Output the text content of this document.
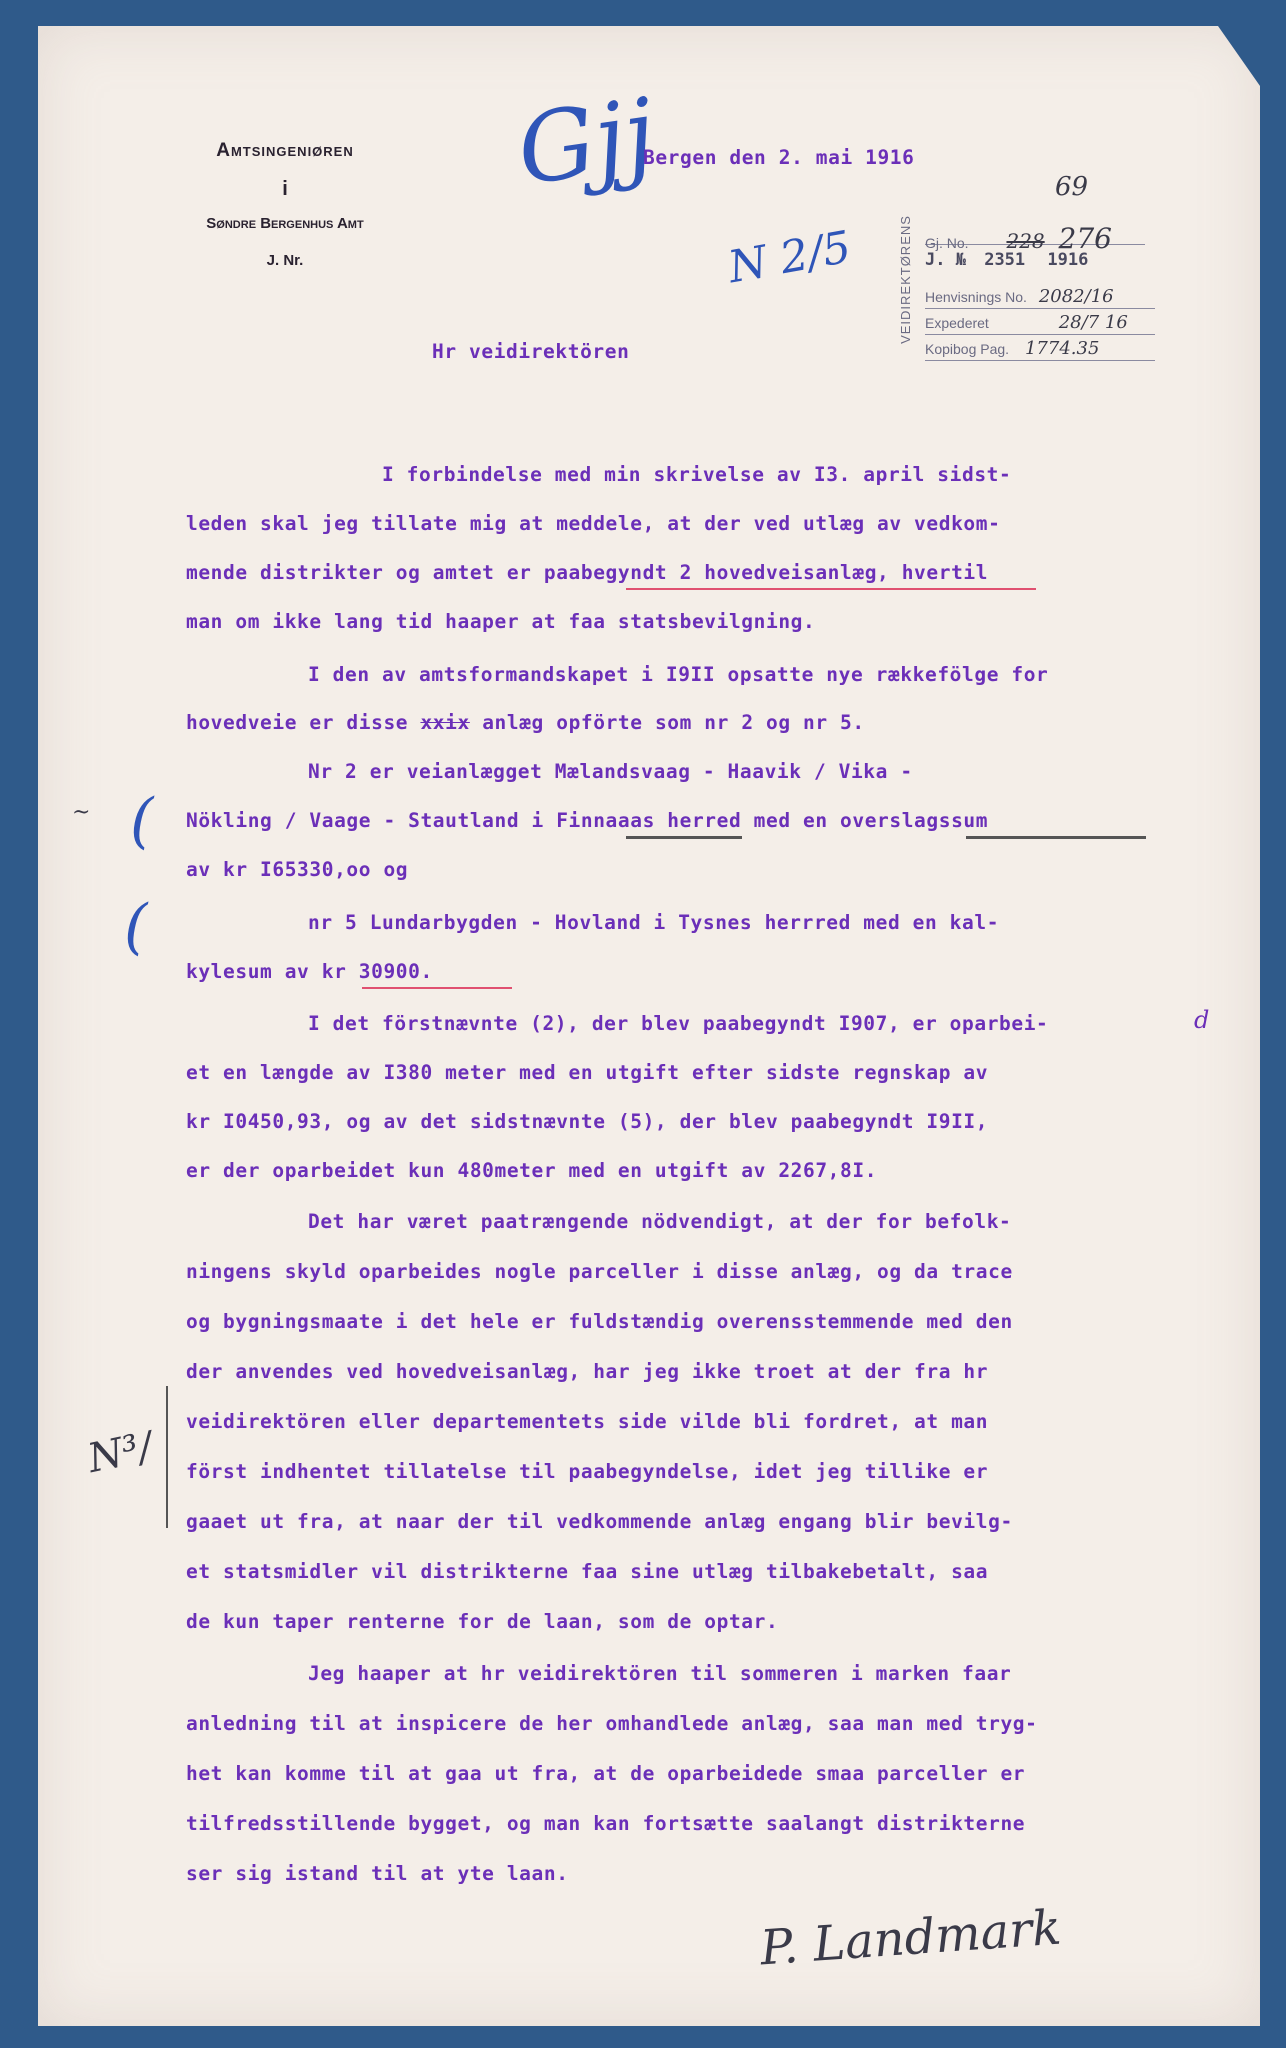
Amtsingeniøren
i
Søndre Bergenhus Amt
J. Nr.
Gjj
N 2/5
Bergen den 2. mai 1916
VEIDIREKTØRENS
69
Gj. No. 228 276
J. № 2351 1916
Henvisnings No. 2082/16
Expederet	28/7 16
Kopibog Pag. 1774.35
Hr veidirektören
~ (
(
N³/
I forbindelse med min skrivelse av I3. april sidst-
leden skal jeg tillate mig at meddele, at der ved utlæg av vedkom-
mende distrikter og amtet er paabegyndt 2 hovedveisanlæg, hvertil
man om ikke lang tid haaper at faa statsbevilgning.
I den av amtsformandskapet i I9II opsatte nye rækkefölge for
hovedveie er disse xxix anlæg opförte som nr 2 og nr 5.
Nr 2 er veianlægget Mælandsvaag - Haavik / Vika -
Nökling / Vaage - Stautland i Finnaaas herred med en overslagssum
av kr I65330,oo og
nr 5 Lundarbygden - Hovland i Tysnes herrred med en kal-
kylesum av kr 30900.
I det förstnævnte (2), der blev paabegyndt I907, er oparbei-	d
et en længde av I380 meter med en utgift efter sidste regnskap av
kr I0450,93, og av det sidstnævnte (5), der blev paabegyndt I9II,
er der oparbeidet kun 480meter med en utgift av 2267,8I.
Det har været paatrængende nödvendigt, at der for befolk-
ningens skyld oparbeides nogle parceller i disse anlæg, og da trace
og bygningsmaate i det hele er fuldstændig overensstemmende med den
der anvendes ved hovedveisanlæg, har jeg ikke troet at der fra hr
veidirektören eller departementets side vilde bli fordret, at man
först indhentet tillatelse til paabegyndelse, idet jeg tillike er
gaaet ut fra, at naar der til vedkommende anlæg engang blir bevilg-
et statsmidler vil distrikterne faa sine utlæg tilbakebetalt, saa
de kun taper renterne for de laan, som de optar.
Jeg haaper at hr veidirektören til sommeren i marken faar
anledning til at inspicere de her omhandlede anlæg, saa man med tryg-
het kan komme til at gaa ut fra, at de oparbeidede smaa parceller er
tilfredsstillende bygget, og man kan fortsætte saalangt distrikterne
ser sig istand til at yte laan.
P. Landmark
